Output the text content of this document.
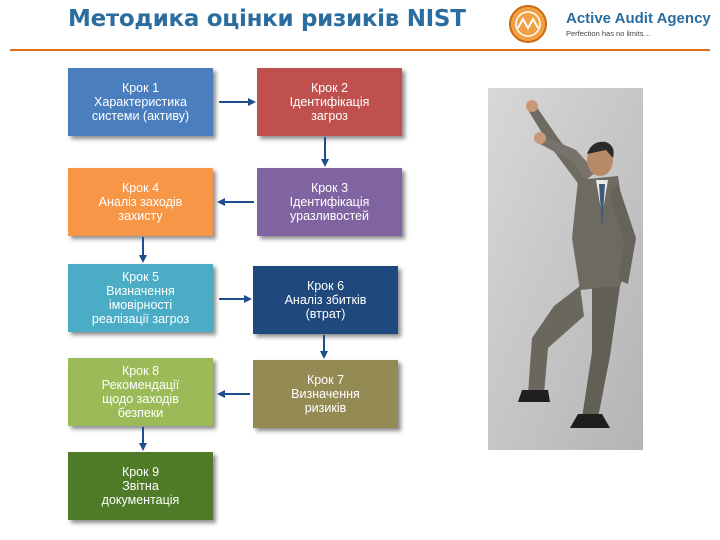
Методика оцінки ризиків NIST	Active Audit Agency
Perfection has no limits…
Крок 1
Характеристика
системи (активу)
Крок 2
Ідентифікація
загроз
Крок 3
Ідентифікація
уразливостей
Крок 4
Аналіз заходів
захисту
Крок 5
Визначення
імовірності
реалізації загроз
Крок 6
Аналіз збитків
(втрат)
Крок 7
Визначення
ризиків
Крок 8
Рекомендації
щодо заходів
безпеки
Крок 9
Звітна
документація
